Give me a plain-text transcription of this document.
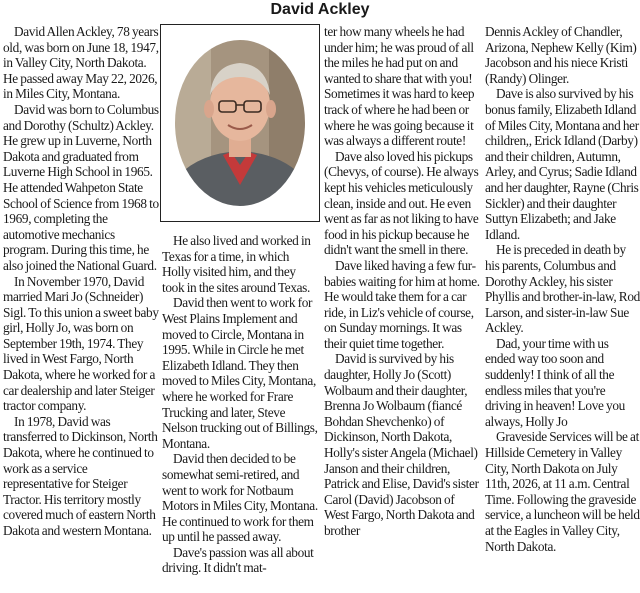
David Ackley

David Allen Ackley, 78 years old, was born on June 18, 1947, in Valley City, North Dakota. He passed away May 22, 2026, in Miles City, Montana.

David was born to Columbus and Dorothy (Schultz) Ackley. He grew up in Luverne, North Dakota and graduated from Luverne High School in 1965. He attended Wahpeton State School of Science from 1968 to 1969, completing the automotive mechanics program. During this time, he also joined the National Guard.

In November 1970, David married Mari Jo (Schneider) Sigl. To this union a sweet baby girl, Holly Jo, was born on September 19th, 1974. They lived in West Fargo, North Dakota, where he worked for a car dealership and later Steiger tractor company.

In 1978, David was transferred to Dickinson, North Dakota, where he continued to work as a service representative for Steiger Tractor. His territory mostly covered much of eastern North Dakota and western Montana.

He also lived and worked in Texas for a time, in which Holly visited him, and they took in the sites around Texas.

David then went to work for West Plains Implement and moved to Circle, Montana in 1995. While in Circle he met Elizabeth Idland. They then moved to Miles City, Montana, where he worked for Frare Trucking and later, Steve Nelson trucking out of Billings, Montana.

David then decided to be somewhat semi-retired, and went to work for Notbaum Motors in Miles City, Montana. He continued to work for them up until he passed away.

Dave's passion was all about driving. It didn't mat-

ter how many wheels he had under him; he was proud of all the miles he had put on and wanted to share that with you! Sometimes it was hard to keep track of where he had been or where he was going because it was always a different route!

Dave also loved his pickups (Chevys, of course). He always kept his vehicles meticulously clean, inside and out. He even went as far as not liking to have food in his pickup because he didn't want the smell in there.

Dave liked having a few fur-babies waiting for him at home. He would take them for a car ride, in Liz's vehicle of course, on Sunday mornings. It was their quiet time together.

David is survived by his daughter, Holly Jo (Scott) Wolbaum and their daughter, Brenna Jo Wolbaum (fiancé Bohdan Shevchenko) of Dickinson, North Dakota, Holly's sister Angela (Michael) Janson and their children, Patrick and Elise, David's sister Carol (David) Jacobson of West Fargo, North Dakota and brother

Dennis Ackley of Chandler, Arizona, Nephew Kelly (Kim) Jacobson and his niece Kristi (Randy) Olinger.

Dave is also survived by his bonus family, Elizabeth Idland of Miles City, Montana and her children,, Erick Idland (Darby) and their children, Autumn, Arley, and Cyrus; Sadie Idland and her daughter, Rayne (Chris Sickler) and their daughter Suttyn Elizabeth; and Jake Idland.

He is preceded in death by his parents, Columbus and Dorothy Ackley, his sister Phyllis and brother-in-law, Rod Larson, and sister-in-law Sue Ackley.

Dad, your time with us ended way too soon and suddenly! I think of all the endless miles that you're driving in heaven! Love you always, Holly Jo

Graveside Services will be at Hillside Cemetery in Valley City, North Dakota on July 11th, 2026, at 11 a.m. Central Time. Following the graveside service, a luncheon will be held at the Eagles in Valley City, North Dakota.
